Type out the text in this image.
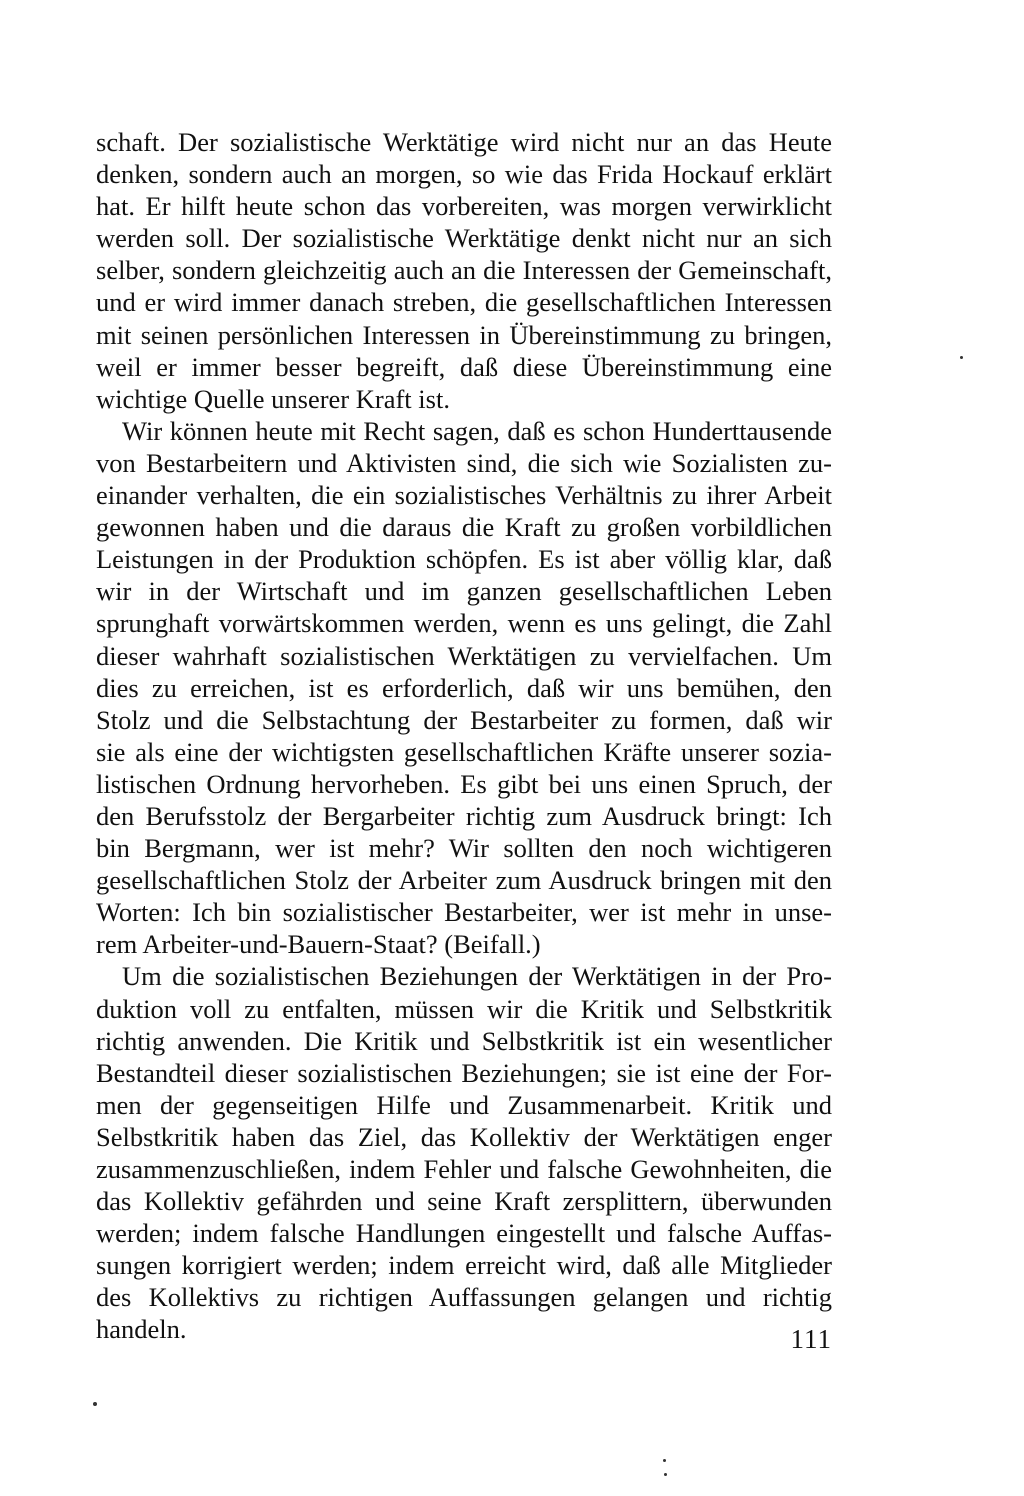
schaft. Der sozialistische Werktätige wird nicht nur an das Heute
denken, sondern auch an morgen, so wie das Frida Hockauf erklärt
hat. Er hilft heute schon das vorbereiten, was morgen verwirklicht
werden soll. Der sozialistische Werktätige denkt nicht nur an sich
selber, sondern gleichzeitig auch an die Interessen der Gemeinschaft,
und er wird immer danach streben, die gesellschaftlichen Interessen
mit seinen persönlichen Interessen in Übereinstimmung zu bringen,
weil er immer besser begreift, daß diese Übereinstimmung eine
wichtige Quelle unserer Kraft ist.
Wir können heute mit Recht sagen, daß es schon Hunderttausende
von Bestarbeitern und Aktivisten sind, die sich wie Sozialisten zu-
einander verhalten, die ein sozialistisches Verhältnis zu ihrer Arbeit
gewonnen haben und die daraus die Kraft zu großen vorbildlichen
Leistungen in der Produktion schöpfen. Es ist aber völlig klar, daß
wir in der Wirtschaft und im ganzen gesellschaftlichen Leben
sprunghaft vorwärtskommen werden, wenn es uns gelingt, die Zahl
dieser wahrhaft sozialistischen Werktätigen zu vervielfachen. Um
dies zu erreichen, ist es erforderlich, daß wir uns bemühen, den
Stolz und die Selbstachtung der Bestarbeiter zu formen, daß wir
sie als eine der wichtigsten gesellschaftlichen Kräfte unserer sozia-
listischen Ordnung hervorheben. Es gibt bei uns einen Spruch, der
den Berufsstolz der Bergarbeiter richtig zum Ausdruck bringt: Ich
bin Bergmann, wer ist mehr? Wir sollten den noch wichtigeren
gesellschaftlichen Stolz der Arbeiter zum Ausdruck bringen mit den
Worten: Ich bin sozialistischer Bestarbeiter, wer ist mehr in unse-
rem Arbeiter-und-Bauern-Staat? (Beifall.)
Um die sozialistischen Beziehungen der Werktätigen in der Pro-
duktion voll zu entfalten, müssen wir die Kritik und Selbstkritik
richtig anwenden. Die Kritik und Selbstkritik ist ein wesentlicher
Bestandteil dieser sozialistischen Beziehungen; sie ist eine der For-
men der gegenseitigen Hilfe und Zusammenarbeit. Kritik und
Selbstkritik haben das Ziel, das Kollektiv der Werktätigen enger
zusammenzuschließen, indem Fehler und falsche Gewohnheiten, die
das Kollektiv gefährden und seine Kraft zersplittern, überwunden
werden; indem falsche Handlungen eingestellt und falsche Auffas-
sungen korrigiert werden; indem erreicht wird, daß alle Mitglieder
des Kollektivs zu richtigen Auffassungen gelangen und richtig
handeln.	111
